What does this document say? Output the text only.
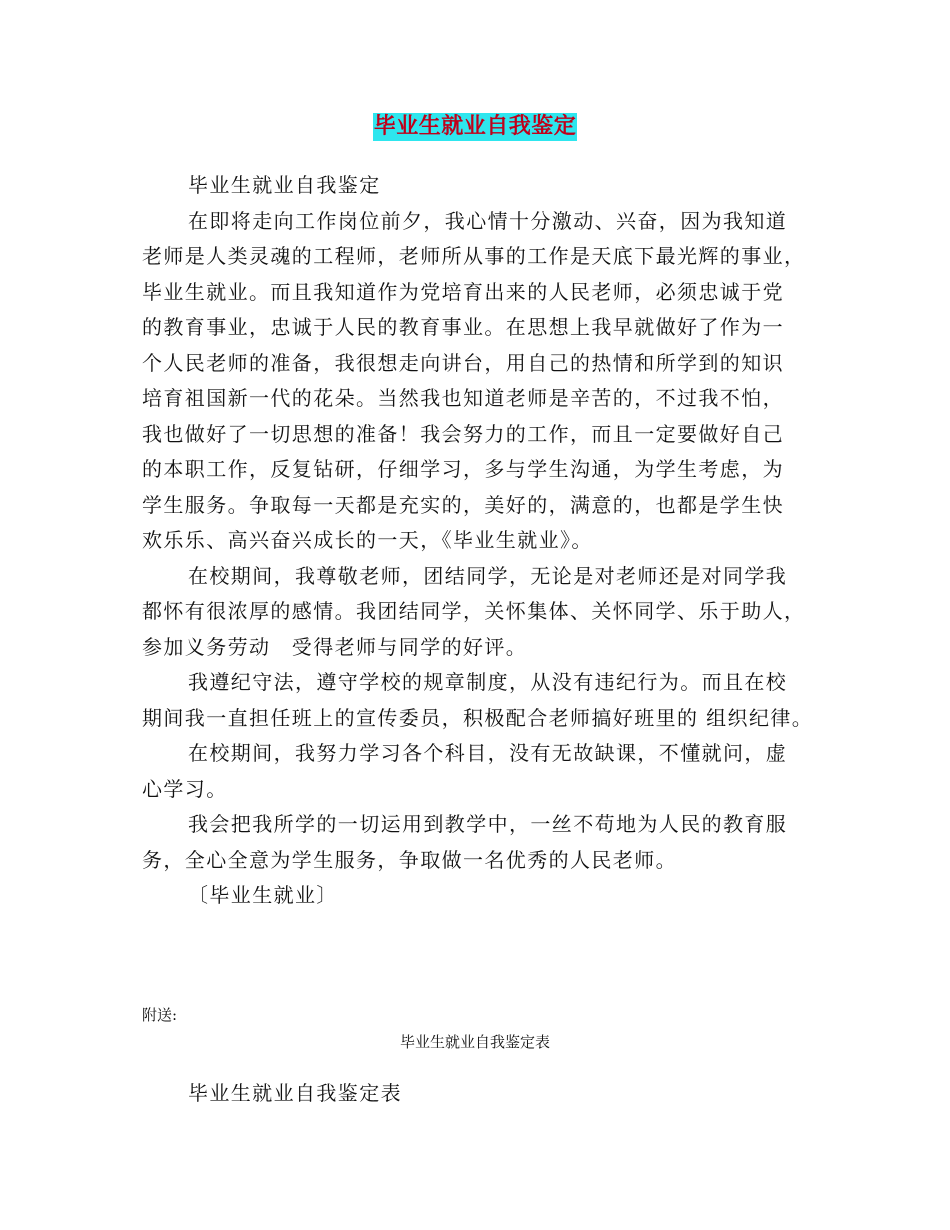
毕业生就业自我鉴定
毕业生就业自我鉴定
在即将走向工作岗位前夕，我心情十分激动、兴奋，因为我知道
老师是人类灵魂的工程师，老师所从事的工作是天底下最光辉的事业，
毕业生就业。而且我知道作为党培育出来的人民老师，必须忠诚于党
的教育事业，忠诚于人民的教育事业。在思想上我早就做好了作为一
个人民老师的准备，我很想走向讲台，用自己的热情和所学到的知识
培育祖国新一代的花朵。当然我也知道老师是辛苦的，不过我不怕，
我也做好了一切思想的准备！我会努力的工作，而且一定要做好自己
的本职工作，反复钻研，仔细学习，多与学生沟通，为学生考虑，为
学生服务。争取每一天都是充实的，美好的，满意的，也都是学生快
欢乐乐、高兴奋兴成长的一天，《毕业生就业》。
在校期间，我尊敬老师，团结同学，无论是对老师还是对同学我
都怀有很浓厚的感情。我团结同学，关怀集体、关怀同学、乐于助人，
参加义务劳动　受得老师与同学的好评。
我遵纪守法，遵守学校的规章制度，从没有违纪行为。而且在校
期间我一直担任班上的宣传委员，积极配合老师搞好班里的 组织纪律。
在校期间，我努力学习各个科目，没有无故缺课，不懂就问，虚
心学习。
我会把我所学的一切运用到教学中，一丝不苟地为人民的教育服
务，全心全意为学生服务，争取做一名优秀的人民老师。
〔毕业生就业〕
附送:
毕业生就业自我鉴定表
毕业生就业自我鉴定表
